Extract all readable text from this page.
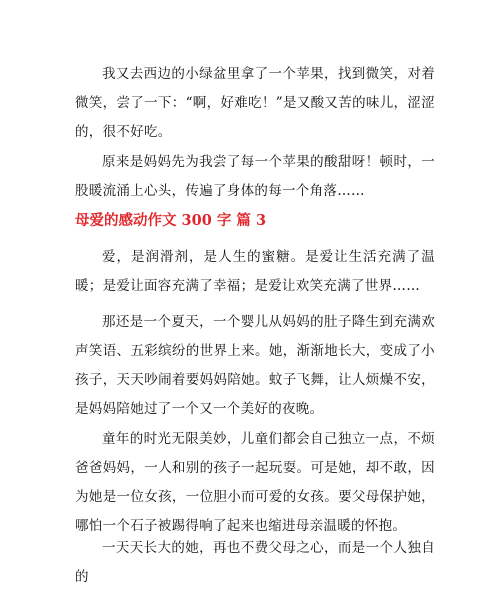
我又去西边的小绿盆里拿了一个苹果，找到微笑，对着微笑，尝了一下：“啊，好难吃！”是又酸又苦的味儿，涩涩的，很不好吃。

原来是妈妈先为我尝了每一个苹果的酸甜呀！顿时，一股暖流涌上心头，传遍了身体的每一个角落……

母爱的感动作文 300 字 篇 3

爱，是润滑剂，是人生的蜜糖。是爱让生活充满了温暖；是爱让面容充满了幸福；是爱让欢笑充满了世界……

那还是一个夏天，一个婴儿从妈妈的肚子降生到充满欢声笑语、五彩缤纷的世界上来。她，渐渐地长大，变成了小孩子，天天吵闹着要妈妈陪她。蚊子飞舞，让人烦燥不安，是妈妈陪她过了一个又一个美好的夜晚。

童年的时光无限美妙，儿童们都会自己独立一点，不烦爸爸妈妈，一人和别的孩子一起玩耍。可是她，却不敢，因为她是一位女孩，一位胆小而可爱的女孩。要父母保护她，哪怕一个石子被踢得响了起来也缩进母亲温暖的怀抱。

一天天长大的她，再也不费父母之心，而是一个人独自的
